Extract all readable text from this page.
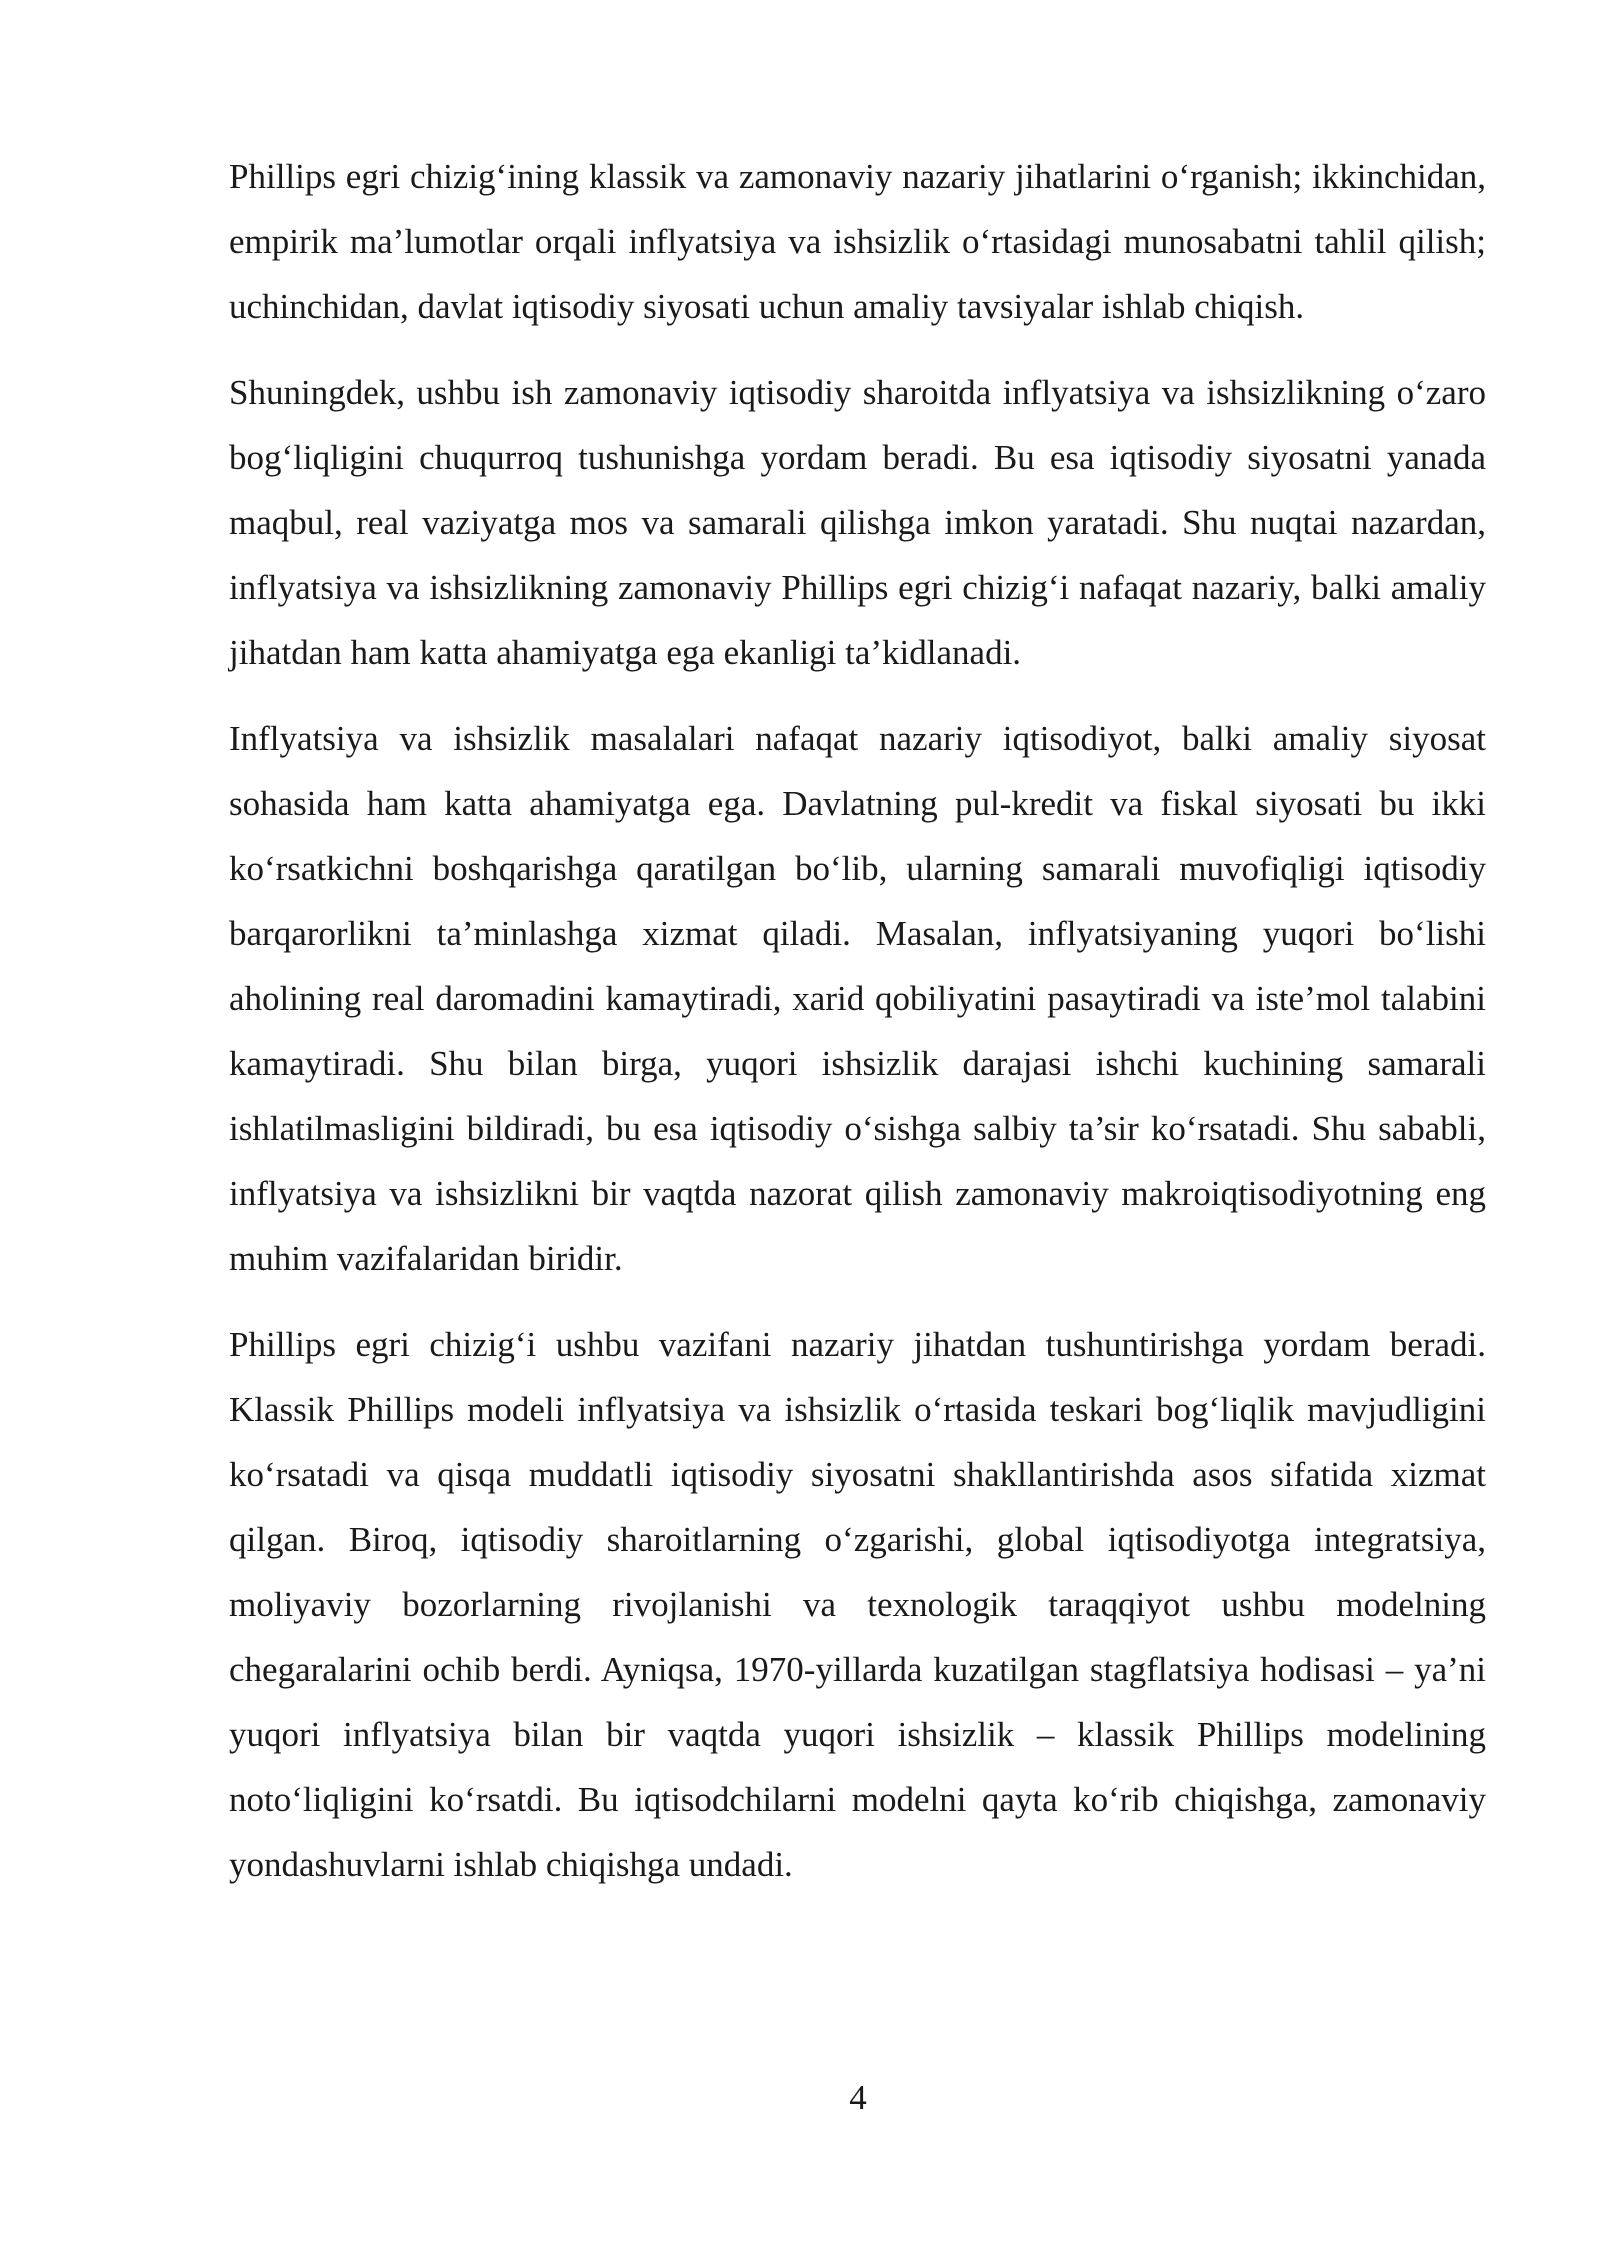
Phillips egri chizig‘ining klassik va zamonaviy nazariy jihatlarini o‘rganish; ikkinchidan, empirik ma’lumotlar orqali inflyatsiya va ishsizlik o‘rtasidagi munosabatni tahlil qilish; uchinchidan, davlat iqtisodiy siyosati uchun amaliy tavsiyalar ishlab chiqish.

Shuningdek, ushbu ish zamonaviy iqtisodiy sharoitda inflyatsiya va ishsizlikning o‘zaro bog‘liqligini chuqurroq tushunishga yordam beradi. Bu esa iqtisodiy siyosatni yanada maqbul, real vaziyatga mos va samarali qilishga imkon yaratadi. Shu nuqtai nazardan, inflyatsiya va ishsizlikning zamonaviy Phillips egri chizig‘i nafaqat nazariy, balki amaliy jihatdan ham katta ahamiyatga ega ekanligi ta’kidlanadi.

Inflyatsiya va ishsizlik masalalari nafaqat nazariy iqtisodiyot, balki amaliy siyosat sohasida ham katta ahamiyatga ega. Davlatning pul-kredit va fiskal siyosati bu ikki ko‘rsatkichni boshqarishga qaratilgan bo‘lib, ularning samarali muvofiqligi iqtisodiy barqarorlikni ta’minlashga xizmat qiladi. Masalan, inflyatsiyaning yuqori bo‘lishi aholining real daromadini kamaytiradi, xarid qobiliyatini pasaytiradi va iste’mol talabini kamaytiradi. Shu bilan birga, yuqori ishsizlik darajasi ishchi kuchining samarali ishlatilmasligini bildiradi, bu esa iqtisodiy o‘sishga salbiy ta’sir ko‘rsatadi. Shu sababli, inflyatsiya va ishsizlikni bir vaqtda nazorat qilish zamonaviy makroiqtisodiyotning eng muhim vazifalaridan biridir.

Phillips egri chizig‘i ushbu vazifani nazariy jihatdan tushuntirishga yordam beradi. Klassik Phillips modeli inflyatsiya va ishsizlik o‘rtasida teskari bog‘liqlik mavjudligini ko‘rsatadi va qisqa muddatli iqtisodiy siyosatni shakllantirishda asos sifatida xizmat qilgan. Biroq, iqtisodiy sharoitlarning o‘zgarishi, global iqtisodiyotga integratsiya, moliyaviy bozorlarning rivojlanishi va texnologik taraqqiyot ushbu modelning chegaralarini ochib berdi. Ayniqsa, 1970-yillarda kuzatilgan stagflatsiya hodisasi – ya’ni yuqori inflyatsiya bilan bir vaqtda yuqori ishsizlik – klassik Phillips modelining noto‘liqligini ko‘rsatdi. Bu iqtisodchilarni modelni qayta ko‘rib chiqishga, zamonaviy yondashuvlarni ishlab chiqishga undadi.

4
